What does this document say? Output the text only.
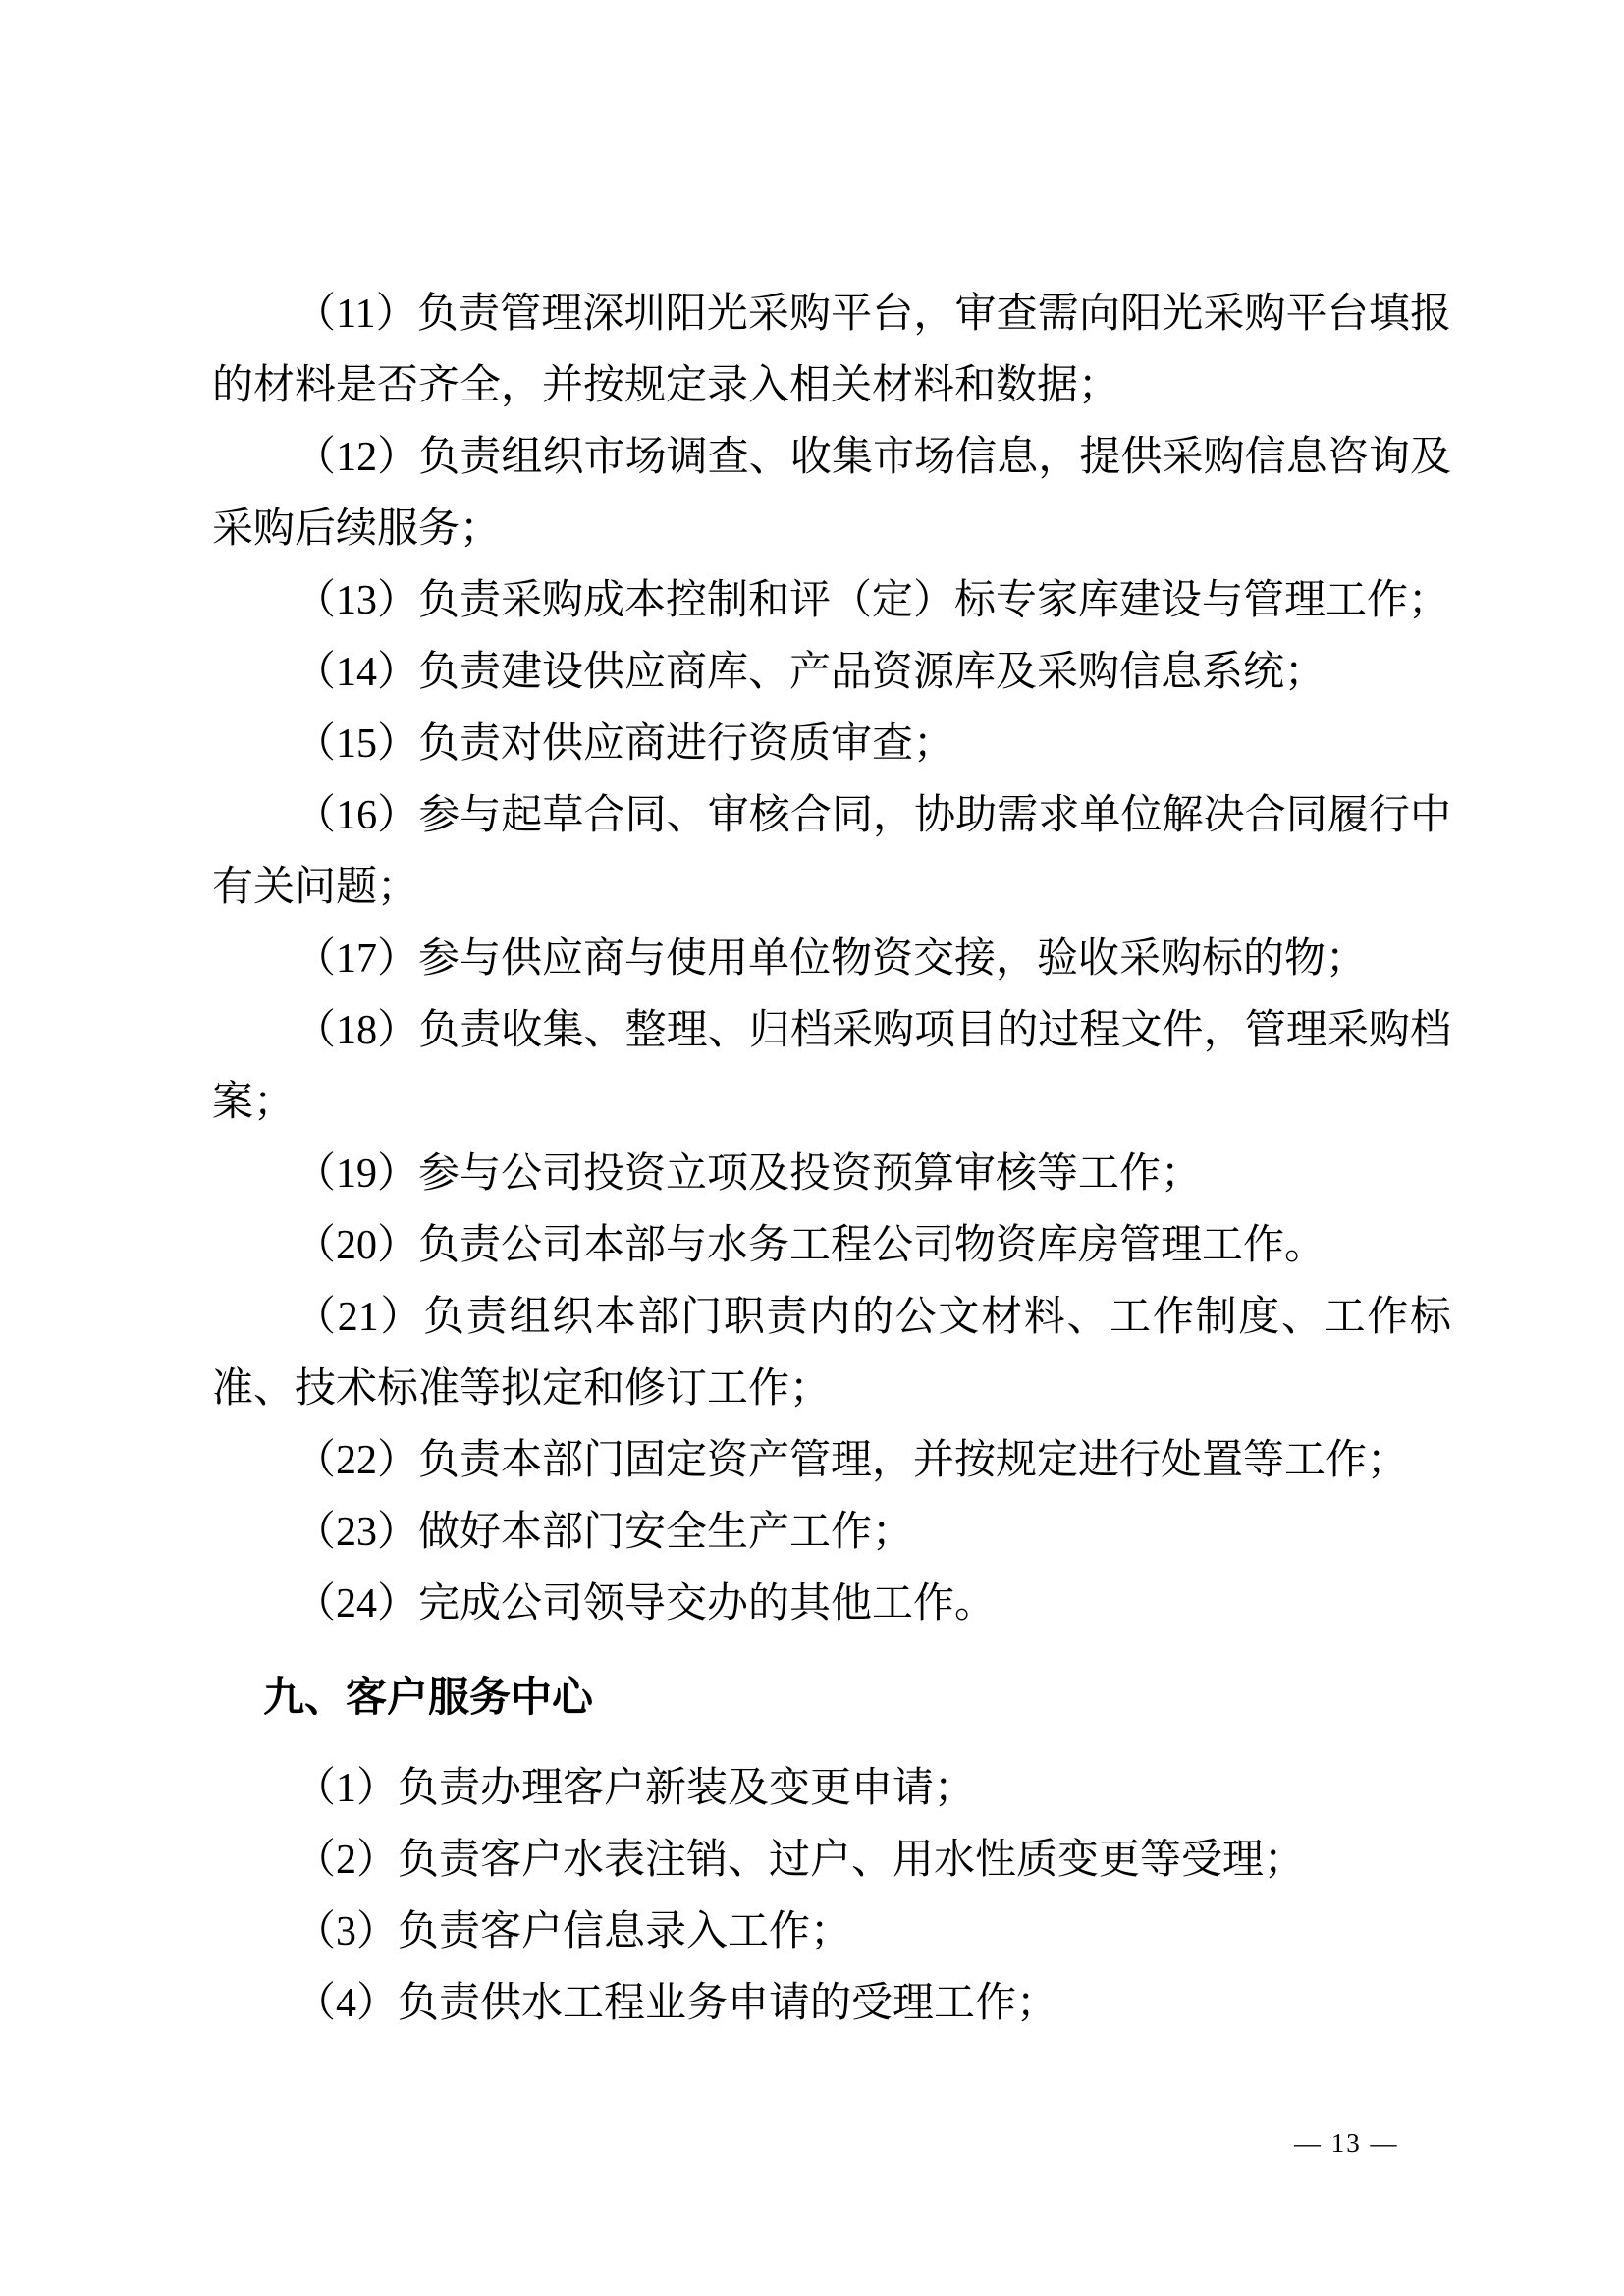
（11）负责管理深圳阳光采购平台，审查需向阳光采购平台填报的材料是否齐全，并按规定录入相关材料和数据；
（12）负责组织市场调查、收集市场信息，提供采购信息咨询及采购后续服务；
（13）负责采购成本控制和评（定）标专家库建设与管理工作；
（14）负责建设供应商库、产品资源库及采购信息系统；
（15）负责对供应商进行资质审查；
（16）参与起草合同、审核合同，协助需求单位解决合同履行中有关问题；
（17）参与供应商与使用单位物资交接，验收采购标的物；
（18）负责收集、整理、归档采购项目的过程文件，管理采购档案；
（19）参与公司投资立项及投资预算审核等工作；
（20）负责公司本部与水务工程公司物资库房管理工作。
（21）负责组织本部门职责内的公文材料、工作制度、工作标准、技术标准等拟定和修订工作；
（22）负责本部门固定资产管理，并按规定进行处置等工作；
（23）做好本部门安全生产工作；
（24）完成公司领导交办的其他工作。
九、客户服务中心
（1）负责办理客户新装及变更申请；
（2）负责客户水表注销、过户、用水性质变更等受理；
（3）负责客户信息录入工作；
（4）负责供水工程业务申请的受理工作；
— 13 —
